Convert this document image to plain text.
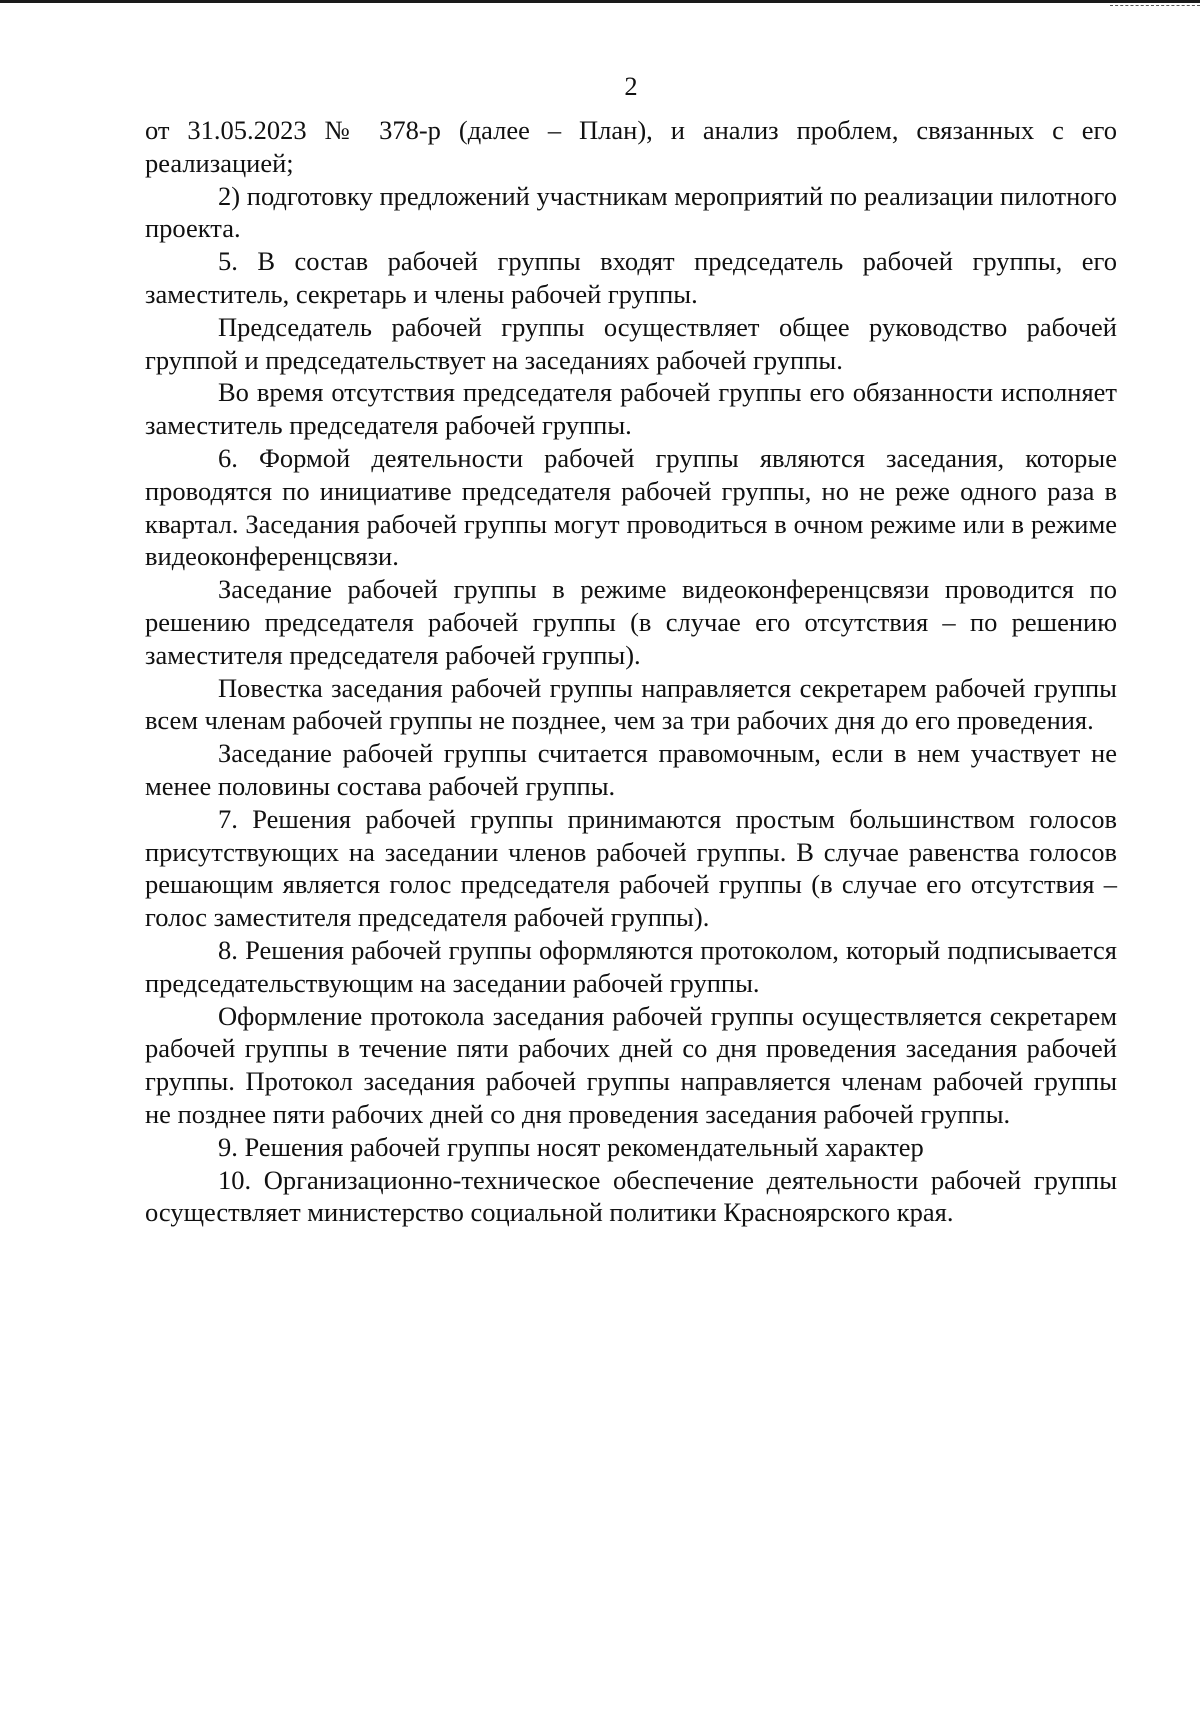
2

от 31.05.2023 № 378-р (далее – План), и анализ проблем, связанных с его реализацией;

2) подготовку предложений участникам мероприятий по реализации пилотного проекта.

5. В состав рабочей группы входят председатель рабочей группы, его заместитель, секретарь и члены рабочей группы.

Председатель рабочей группы осуществляет общее руководство рабочей группой и председательствует на заседаниях рабочей группы.

Во время отсутствия председателя рабочей группы его обязанности исполняет заместитель председателя рабочей группы.

6. Формой деятельности рабочей группы являются заседания, которые проводятся по инициативе председателя рабочей группы, но не реже одного раза в квартал. Заседания рабочей группы могут проводиться в очном режиме или в режиме видеоконференцсвязи.

Заседание рабочей группы в режиме видеоконференцсвязи проводится по решению председателя рабочей группы (в случае его отсутствия – по решению заместителя председателя рабочей группы).

Повестка заседания рабочей группы направляется секретарем рабочей группы всем членам рабочей группы не позднее, чем за три рабочих дня до его проведения.

Заседание рабочей группы считается правомочным, если в нем участвует не менее половины состава рабочей группы.

7. Решения рабочей группы принимаются простым большинством голосов присутствующих на заседании членов рабочей группы. В случае равенства голосов решающим является голос председателя рабочей группы (в случае его отсутствия – голос заместителя председателя рабочей группы).

8. Решения рабочей группы оформляются протоколом, который подписывается председательствующим на заседании рабочей группы.

Оформление протокола заседания рабочей группы осуществляется секретарем рабочей группы в течение пяти рабочих дней со дня проведения заседания рабочей группы. Протокол заседания рабочей группы направляется членам рабочей группы не позднее пяти рабочих дней со дня проведения заседания рабочей группы.

9. Решения рабочей группы носят рекомендательный характер

10. Организационно-техническое обеспечение деятельности рабочей группы осуществляет министерство социальной политики Красноярского края.
